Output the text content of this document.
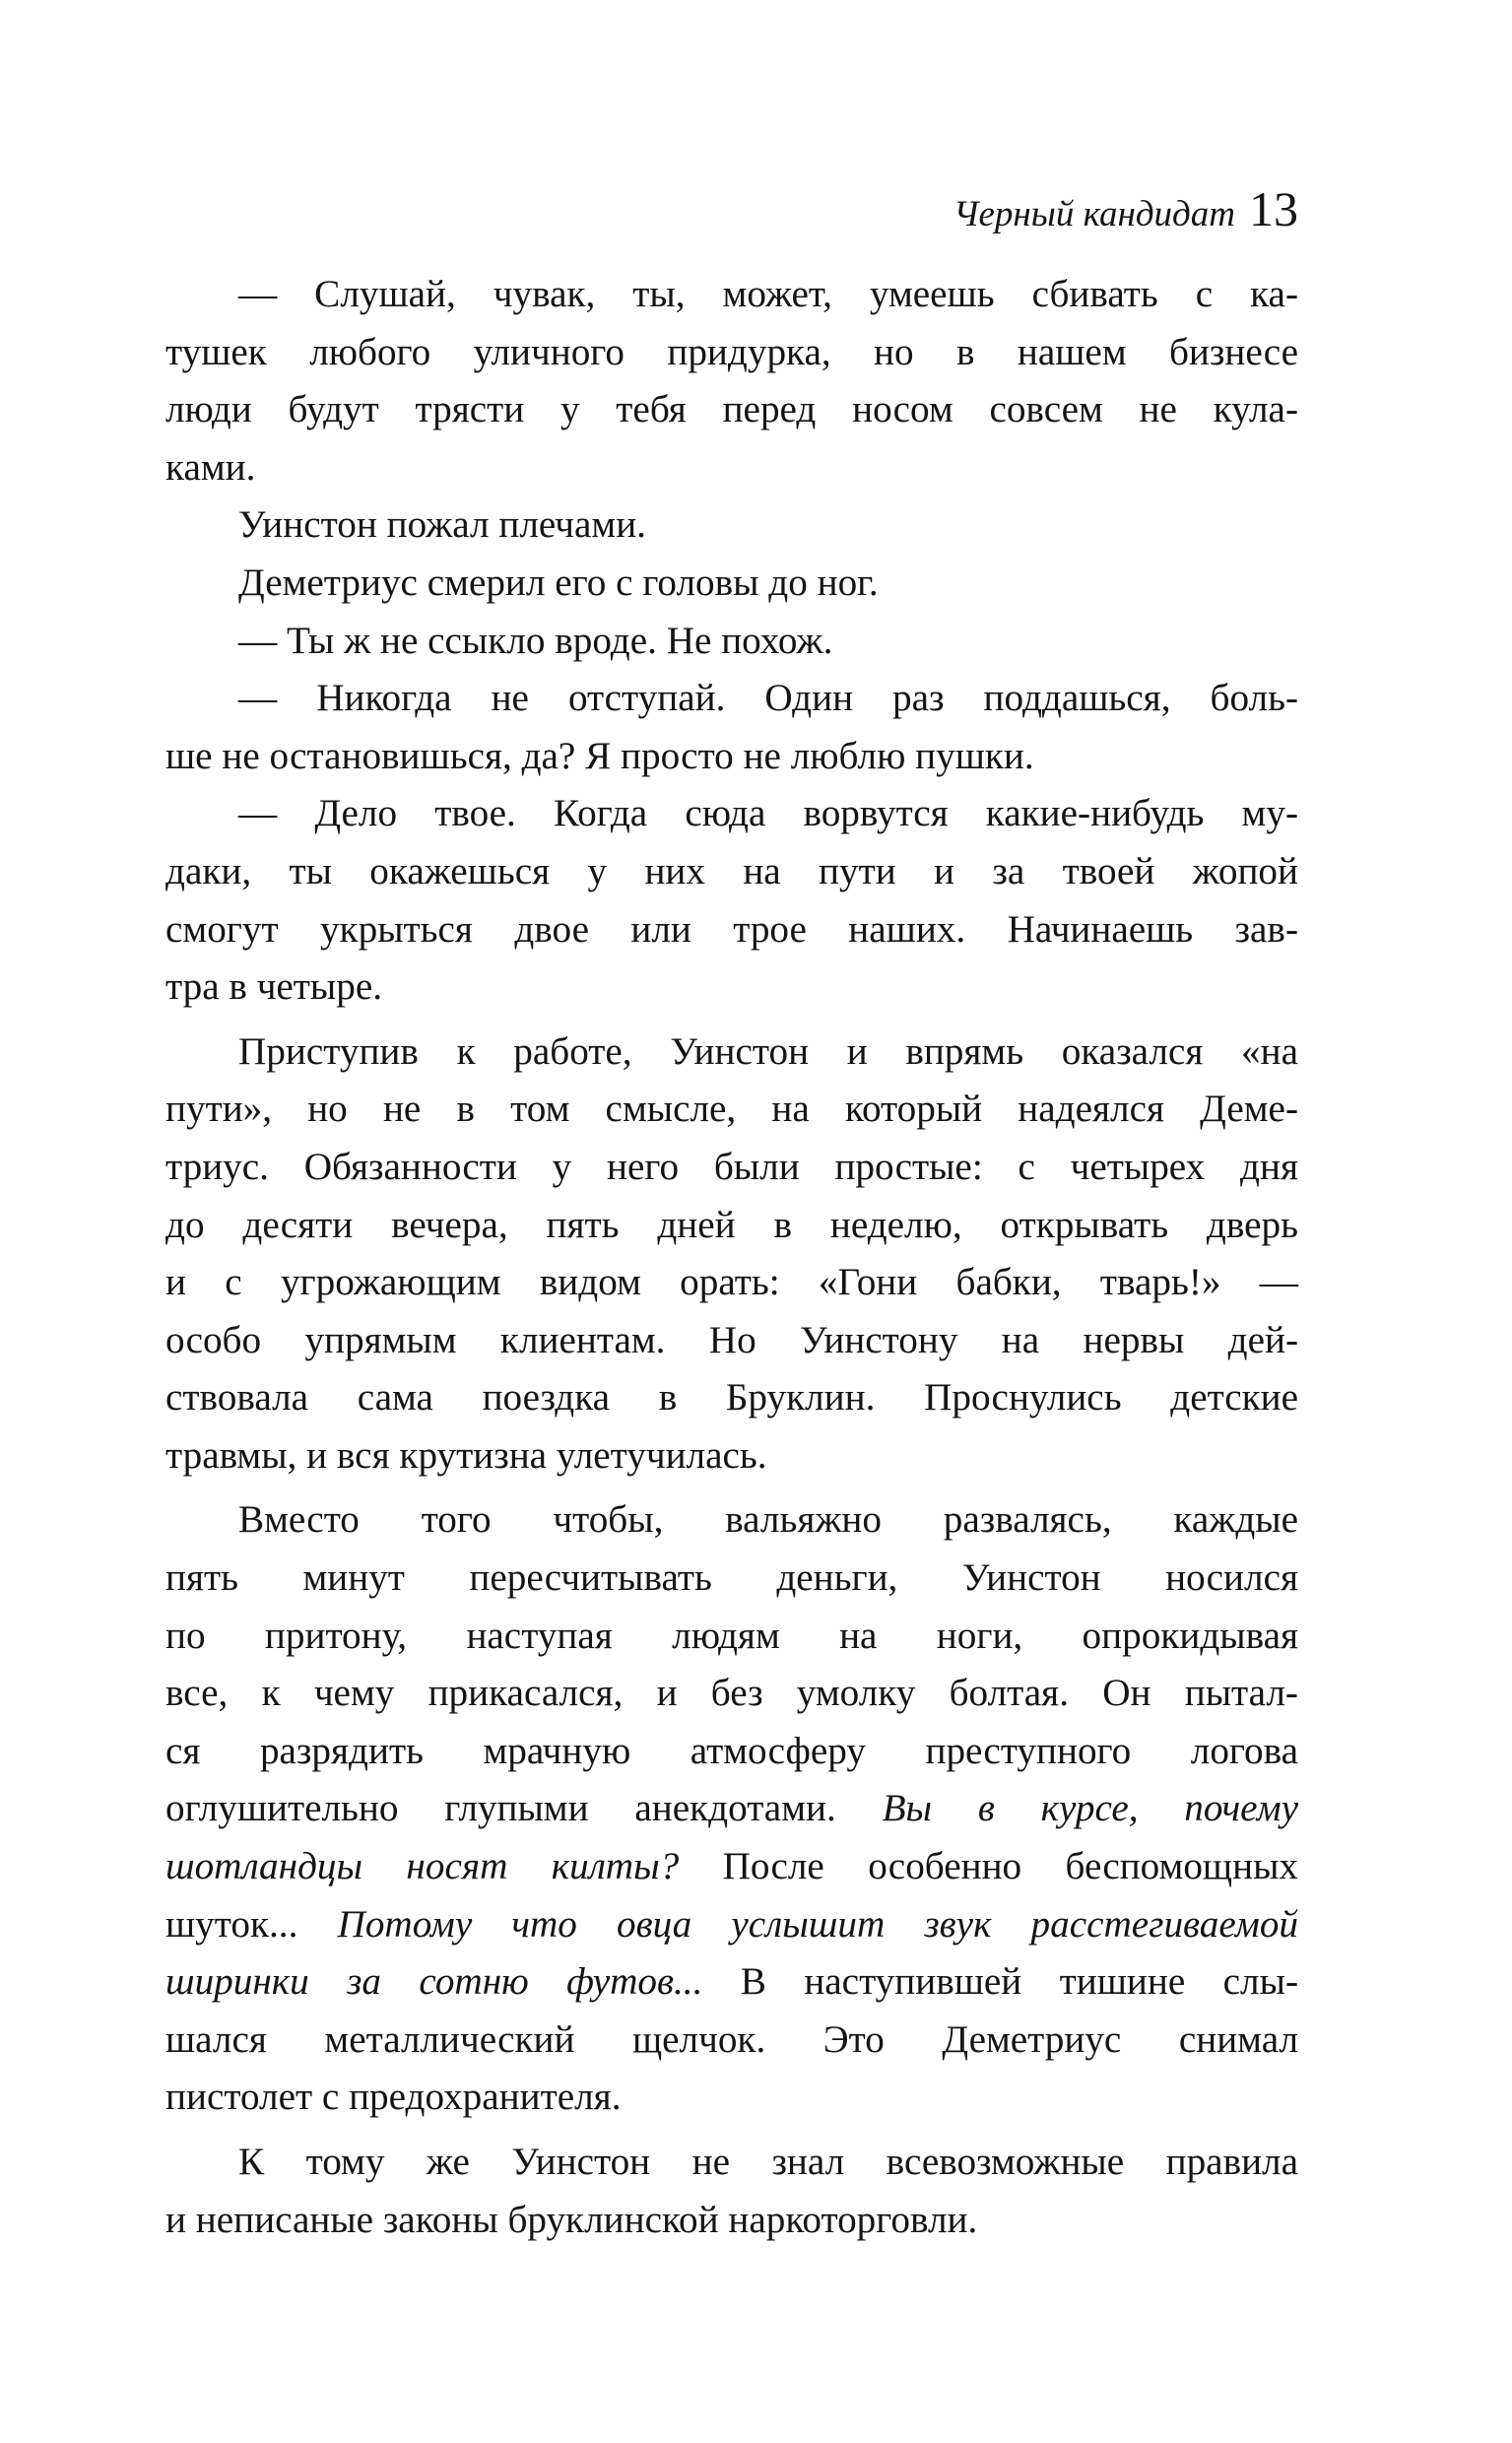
Черный кандидат 13
— Слушай, чувак, ты, может, умеешь сбивать с ка-
тушек любого уличного придурка, но в нашем бизнесе
люди будут трясти у тебя перед носом совсем не кула-
ками.
Уинстон пожал плечами.
Деметриус смерил его с головы до ног.
— Ты ж не ссыкло вроде. Не похож.
— Никогда не отступай. Один раз поддашься, боль-
ше не остановишься, да? Я просто не люблю пушки.
— Дело твое. Когда сюда ворвутся какие-нибудь му-
даки, ты окажешься у них на пути и за твоей жопой
смогут укрыться двое или трое наших. Начинаешь зав-
тра в четыре.
Приступив к работе, Уинстон и впрямь оказался «на
пути», но не в том смысле, на который надеялся Деме-
триус. Обязанности у него были простые: с четырех дня
до десяти вечера, пять дней в неделю, открывать дверь
и с угрожающим видом орать: «Гони бабки, тварь!» —
особо упрямым клиентам. Но Уинстону на нервы дей-
ствовала сама поездка в Бруклин. Проснулись детские
травмы, и вся крутизна улетучилась.
Вместо того чтобы, вальяжно развалясь, каждые
пять минут пересчитывать деньги, Уинстон носился
по притону, наступая людям на ноги, опрокидывая
все, к чему прикасался, и без умолку болтая. Он пытал-
ся разрядить мрачную атмосферу преступного логова
оглушительно глупыми анекдотами. Вы в курсе, почему
шотландцы носят килты? После особенно беспомощных
шуток... Потому что овца услышит звук расстегиваемой
ширинки за сотню футов... В наступившей тишине слы-
шался металлический щелчок. Это Деметриус снимал
пистолет с предохранителя.
К тому же Уинстон не знал всевозможные правила
и неписаные законы бруклинской наркоторговли.
